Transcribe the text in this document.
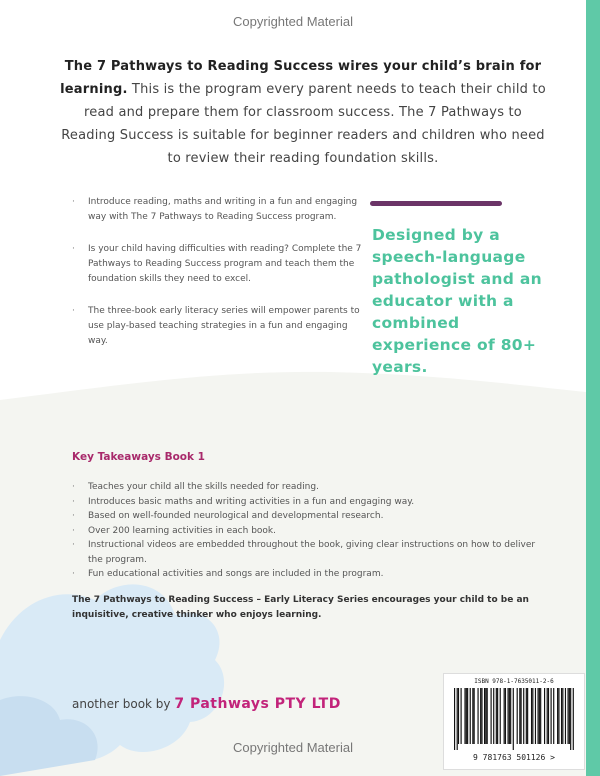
Copyrighted Material
The 7 Pathways to Reading Success wires your child’s brain for learning. This is the program every parent needs to teach their child to read and prepare them for classroom success. The 7 Pathways to Reading Success is suitable for beginner readers and children who need to review their reading foundation skills.
· Introduce reading, maths and writing in a fun and engaging way with The 7 Pathways to Reading Success program.
· Is your child having difficulties with reading? Complete the 7 Pathways to Reading Success program and teach them the foundation skills they need to excel.
· The three-book early literacy series will empower parents to use play-based teaching strategies in a fun and engaging way.
Designed by a speech-language pathologist and an educator with a combined experience of 80+ years.
Key Takeaways Book 1
· Teaches your child all the skills needed for reading.
· Introduces basic maths and writing activities in a fun and engaging way.
· Based on well-founded neurological and developmental research.
· Over 200 learning activities in each book.
· Instructional videos are embedded throughout the book, giving clear instructions on how to deliver the program.
· Fun educational activities and songs are included in the program.
The 7 Pathways to Reading Success – Early Literacy Series encourages your child to be an inquisitive, creative thinker who enjoys learning.
another book by 7 Pathways PTY LTD
ISBN 978-1-7635011-2-6
9 781763 501126 >
Copyrighted Material
